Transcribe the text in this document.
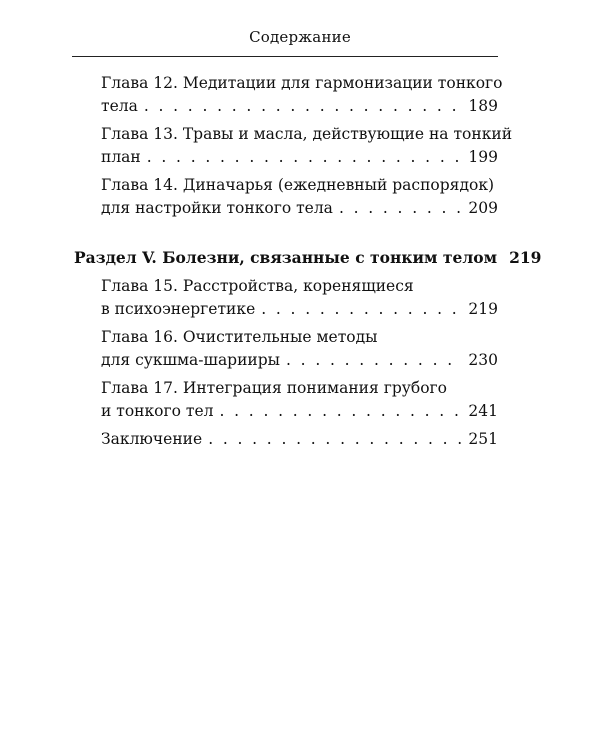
Содержание
Глава 12. Медитации для гармонизации тонкого
тела . . .	189
Глава 13. Травы и масла, действующие на тонкий
план . . .	199
Глава 14. Диначарья (ежедневный распорядок)
для настройки тонкого тела . . .	209
Раздел V. Болезни, связанные с тонким телом 219
Глава 15. Расстройства, коренящиеся
в психоэнергетике . . .	219
Глава 16. Очистительные методы
для сукшма-шарииры . . .	230
Глава 17. Интеграция понимания грубого
и тонкого тел . . .	241
Заключение . . .	251
